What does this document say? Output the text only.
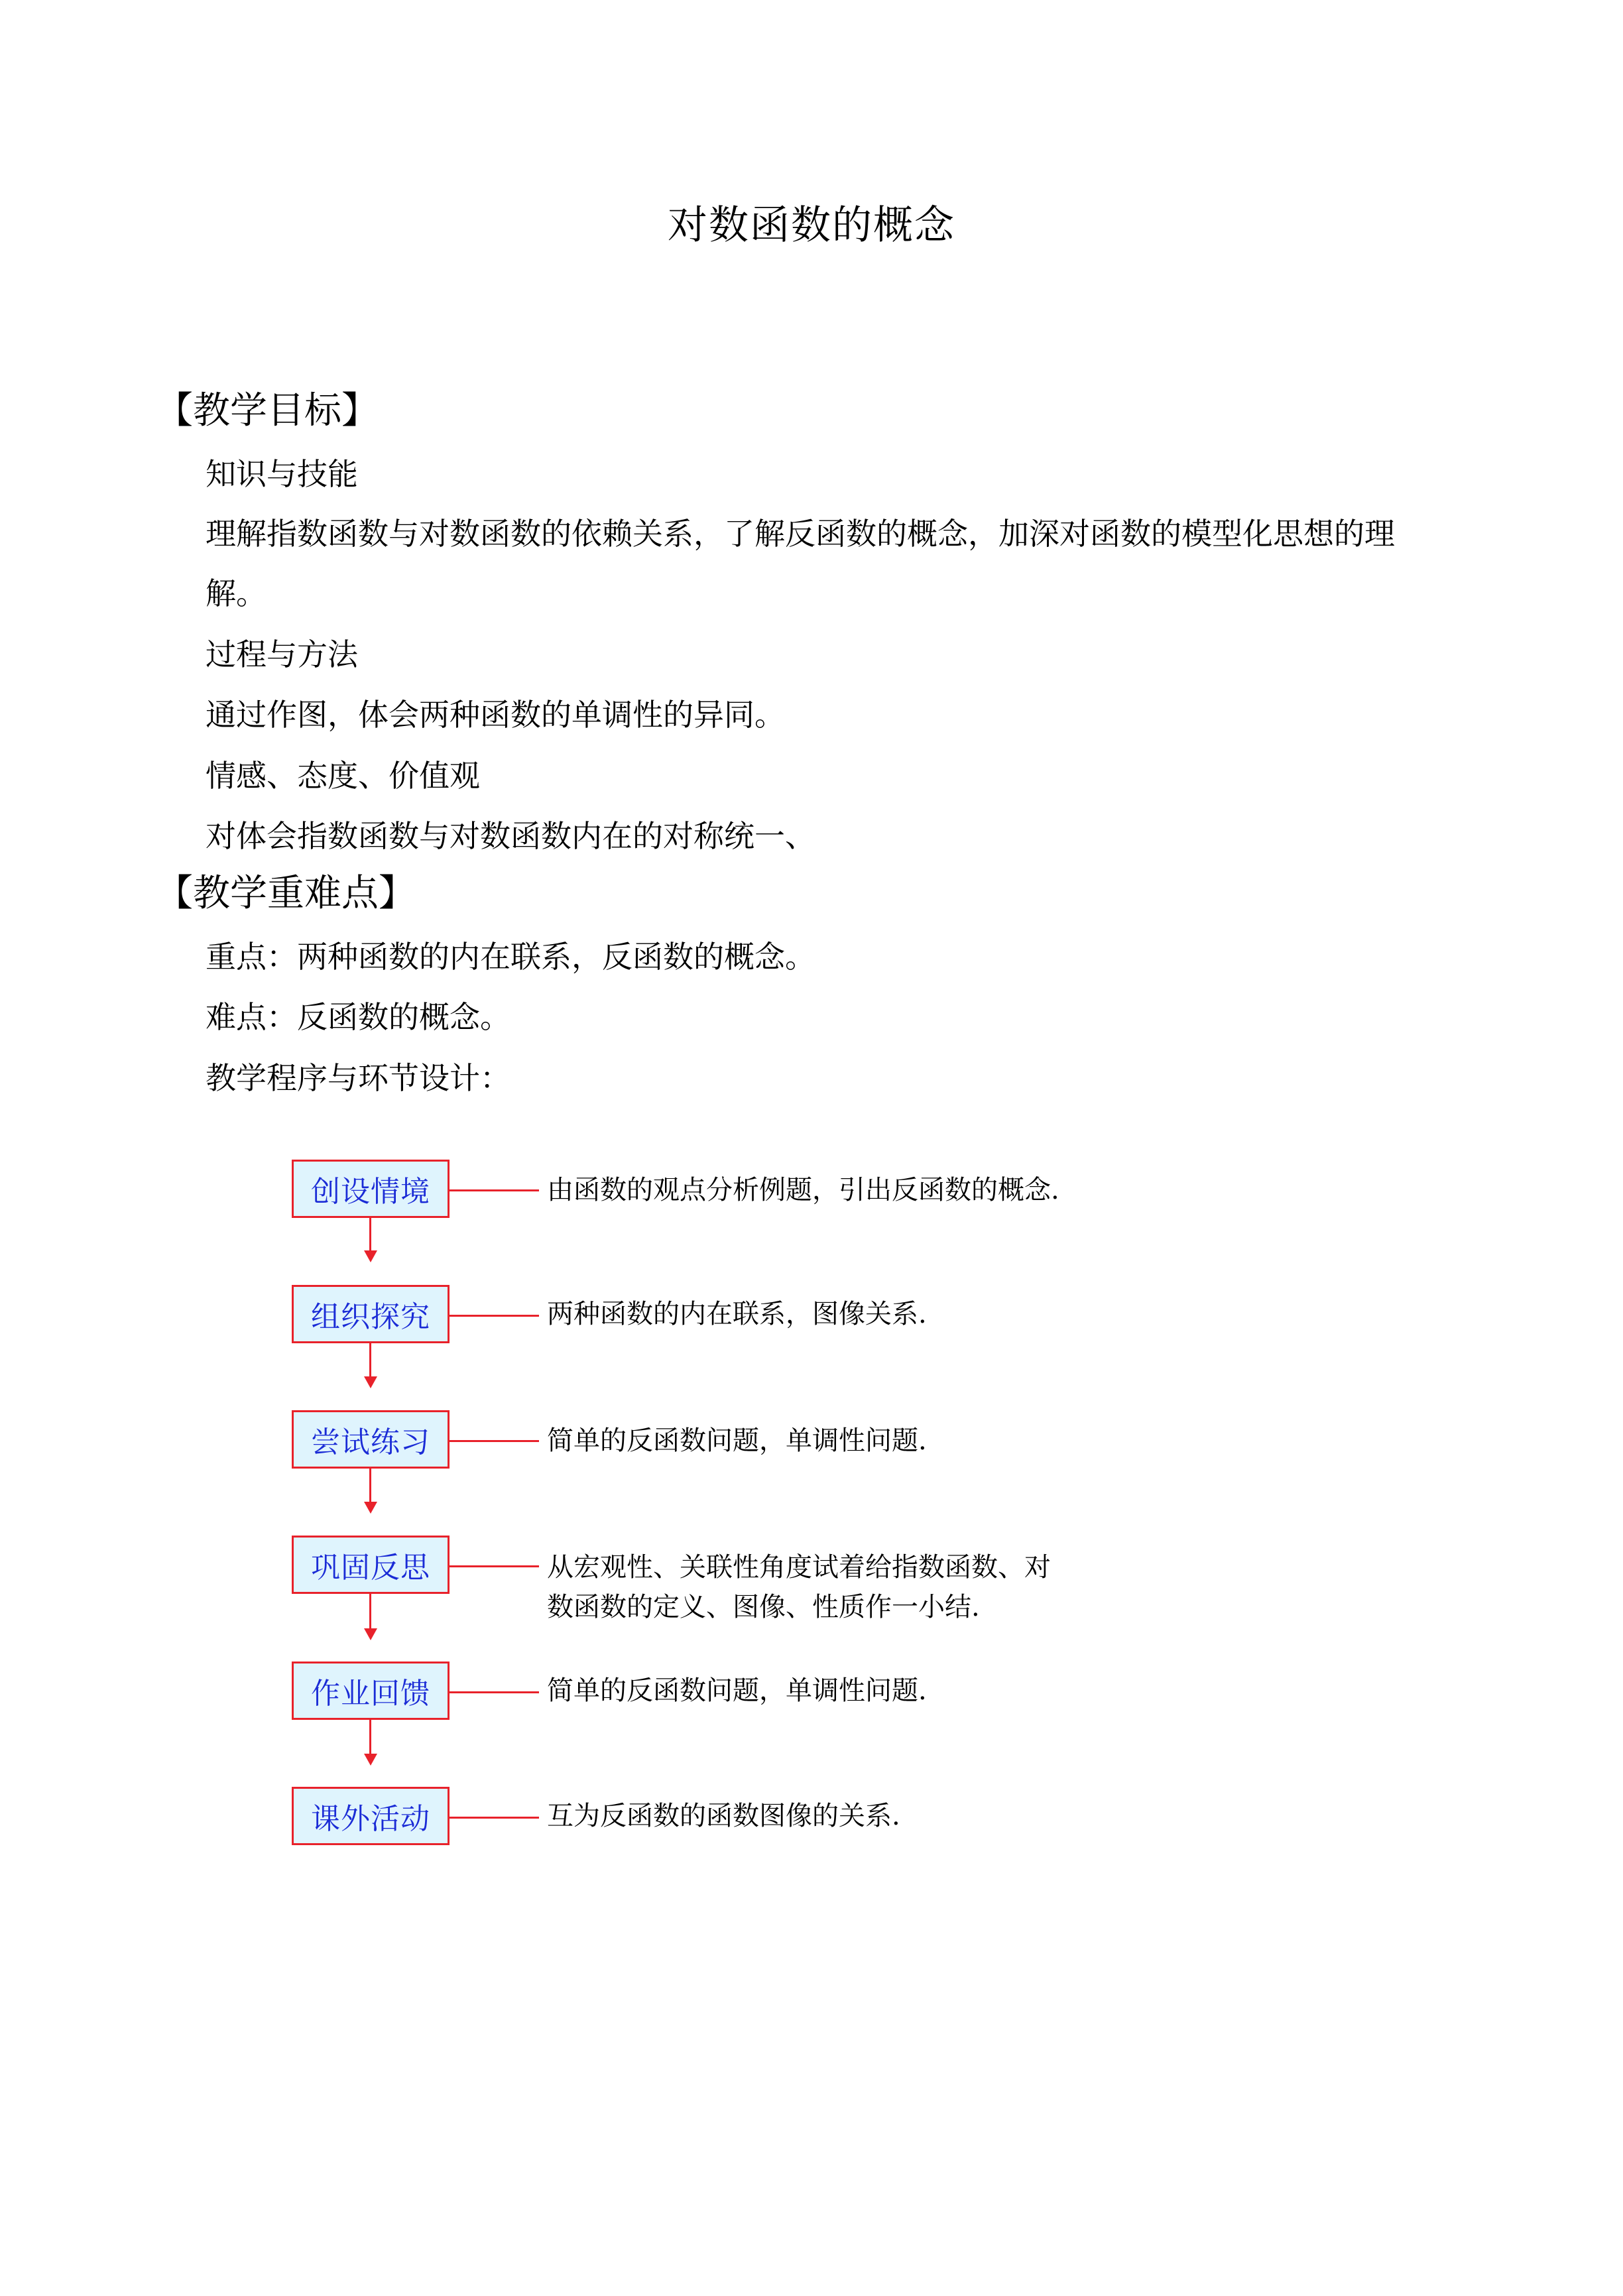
对数函数的概念
【教学目标】
知识与技能
理解指数函数与对数函数的依赖关系，了解反函数的概念，加深对函数的模型化思想的理
解。
过程与方法
通过作图，体会两种函数的单调性的异同。
情感、态度、价值观
对体会指数函数与对数函数内在的对称统一、
【教学重难点】
重点：两种函数的内在联系，反函数的概念。
难点：反函数的概念。
教学程序与环节设计：
创设情境	由函数的观点分析例题，引出反函数的概念.
组织探究	两种函数的内在联系，图像关系.
尝试练习	简单的反函数问题，单调性问题.
巩固反思	从宏观性、关联性角度试着给指数函数、对
数函数的定义、图像、性质作一小结.
作业回馈	简单的反函数问题，单调性问题.
课外活动	互为反函数的函数图像的关系.
